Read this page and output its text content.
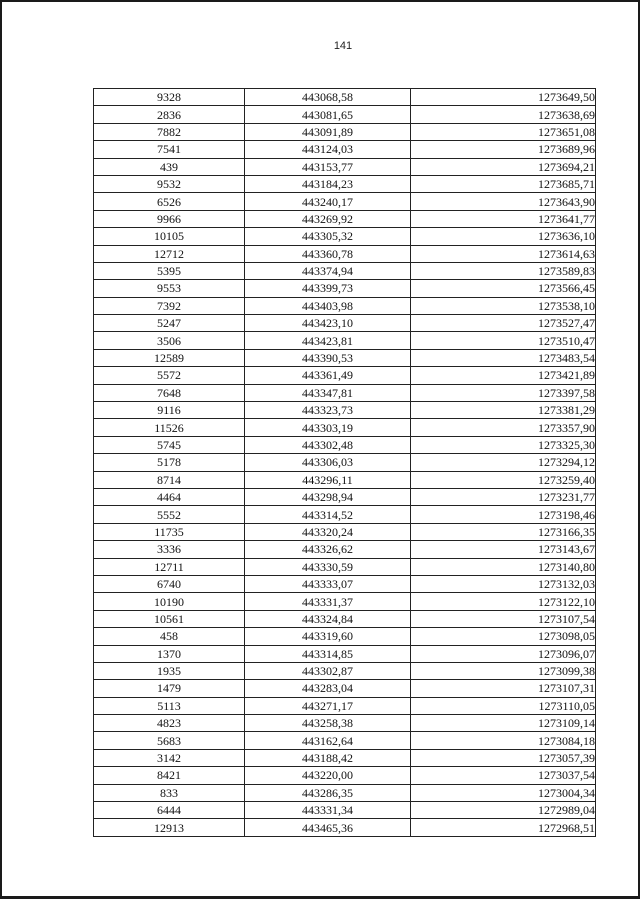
141
9328	443068,58	1273649,50
2836	443081,65	1273638,69
7882	443091,89	1273651,08
7541	443124,03	1273689,96
439	443153,77	1273694,21
9532	443184,23	1273685,71
6526	443240,17	1273643,90
9966	443269,92	1273641,77
10105	443305,32	1273636,10
12712	443360,78	1273614,63
5395	443374,94	1273589,83
9553	443399,73	1273566,45
7392	443403,98	1273538,10
5247	443423,10	1273527,47
3506	443423,81	1273510,47
12589	443390,53	1273483,54
5572	443361,49	1273421,89
7648	443347,81	1273397,58
9116	443323,73	1273381,29
11526	443303,19	1273357,90
5745	443302,48	1273325,30
5178	443306,03	1273294,12
8714	443296,11	1273259,40
4464	443298,94	1273231,77
5552	443314,52	1273198,46
11735	443320,24	1273166,35
3336	443326,62	1273143,67
12711	443330,59	1273140,80
6740	443333,07	1273132,03
10190	443331,37	1273122,10
10561	443324,84	1273107,54
458	443319,60	1273098,05
1370	443314,85	1273096,07
1935	443302,87	1273099,38
1479	443283,04	1273107,31
5113	443271,17	1273110,05
4823	443258,38	1273109,14
5683	443162,64	1273084,18
3142	443188,42	1273057,39
8421	443220,00	1273037,54
833	443286,35	1273004,34
6444	443331,34	1272989,04
12913	443465,36	1272968,51
